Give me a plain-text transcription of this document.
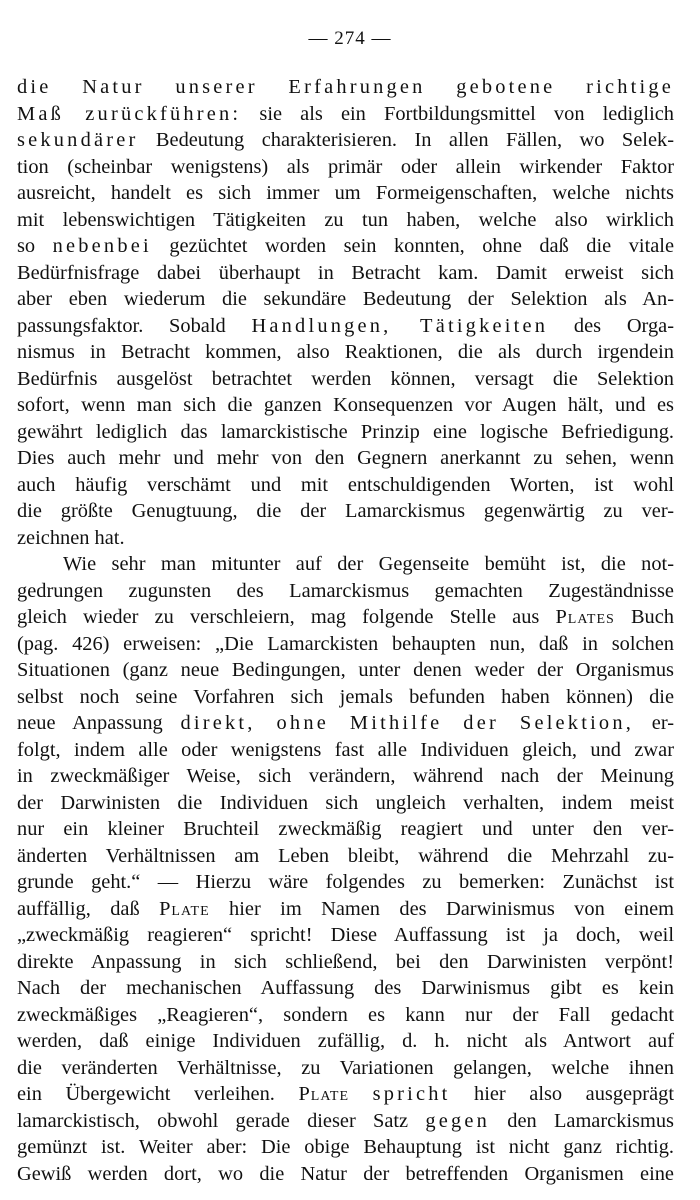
— 274 —
die Natur unserer Erfahrungen gebotene richtige
Maß zurückführen: sie als ein Fortbildungsmittel von lediglich
sekundärer Bedeutung charakterisieren. In allen Fällen, wo Selek-
tion (scheinbar wenigstens) als primär oder allein wirkender Faktor
ausreicht, handelt es sich immer um Formeigenschaften, welche nichts
mit lebenswichtigen Tätigkeiten zu tun haben, welche also wirklich
so nebenbei gezüchtet worden sein konnten, ohne daß die vitale
Bedürfnisfrage dabei überhaupt in Betracht kam. Damit erweist sich
aber eben wiederum die sekundäre Bedeutung der Selektion als An-
passungsfaktor. Sobald Handlungen, Tätigkeiten des Orga-
nismus in Betracht kommen, also Reaktionen, die als durch irgendein
Bedürfnis ausgelöst betrachtet werden können, versagt die Selektion
sofort, wenn man sich die ganzen Konsequenzen vor Augen hält, und es
gewährt lediglich das lamarckistische Prinzip eine logische Befriedigung.
Dies auch mehr und mehr von den Gegnern anerkannt zu sehen, wenn
auch häufig verschämt und mit entschuldigenden Worten, ist wohl
die größte Genugtuung, die der Lamarckismus gegenwärtig zu ver-
zeichnen hat.
Wie sehr man mitunter auf der Gegenseite bemüht ist, die not-
gedrungen zugunsten des Lamarckismus gemachten Zugeständnisse
gleich wieder zu verschleiern, mag folgende Stelle aus Plates Buch
(pag. 426) erweisen: „Die Lamarckisten behaupten nun, daß in solchen
Situationen (ganz neue Bedingungen, unter denen weder der Organismus
selbst noch seine Vorfahren sich jemals befunden haben können) die
neue Anpassung direkt, ohne Mithilfe der Selektion, er-
folgt, indem alle oder wenigstens fast alle Individuen gleich, und zwar
in zweckmäßiger Weise, sich verändern, während nach der Meinung
der Darwinisten die Individuen sich ungleich verhalten, indem meist
nur ein kleiner Bruchteil zweckmäßig reagiert und unter den ver-
änderten Verhältnissen am Leben bleibt, während die Mehrzahl zu-
grunde geht.“ — Hierzu wäre folgendes zu bemerken: Zunächst ist
auffällig, daß Plate hier im Namen des Darwinismus von einem
„zweckmäßig reagieren“ spricht! Diese Auffassung ist ja doch, weil
direkte Anpassung in sich schließend, bei den Darwinisten verpönt!
Nach der mechanischen Auffassung des Darwinismus gibt es kein
zweckmäßiges „Reagieren“, sondern es kann nur der Fall gedacht
werden, daß einige Individuen zufällig, d. h. nicht als Antwort auf
die veränderten Verhältnisse, zu Variationen gelangen, welche ihnen
ein Übergewicht verleihen. Plate spricht hier also ausgeprägt
lamarckistisch, obwohl gerade dieser Satz gegen den Lamarckismus
gemünzt ist. Weiter aber: Die obige Behauptung ist nicht ganz richtig.
Gewiß werden dort, wo die Natur der betreffenden Organismen eine
